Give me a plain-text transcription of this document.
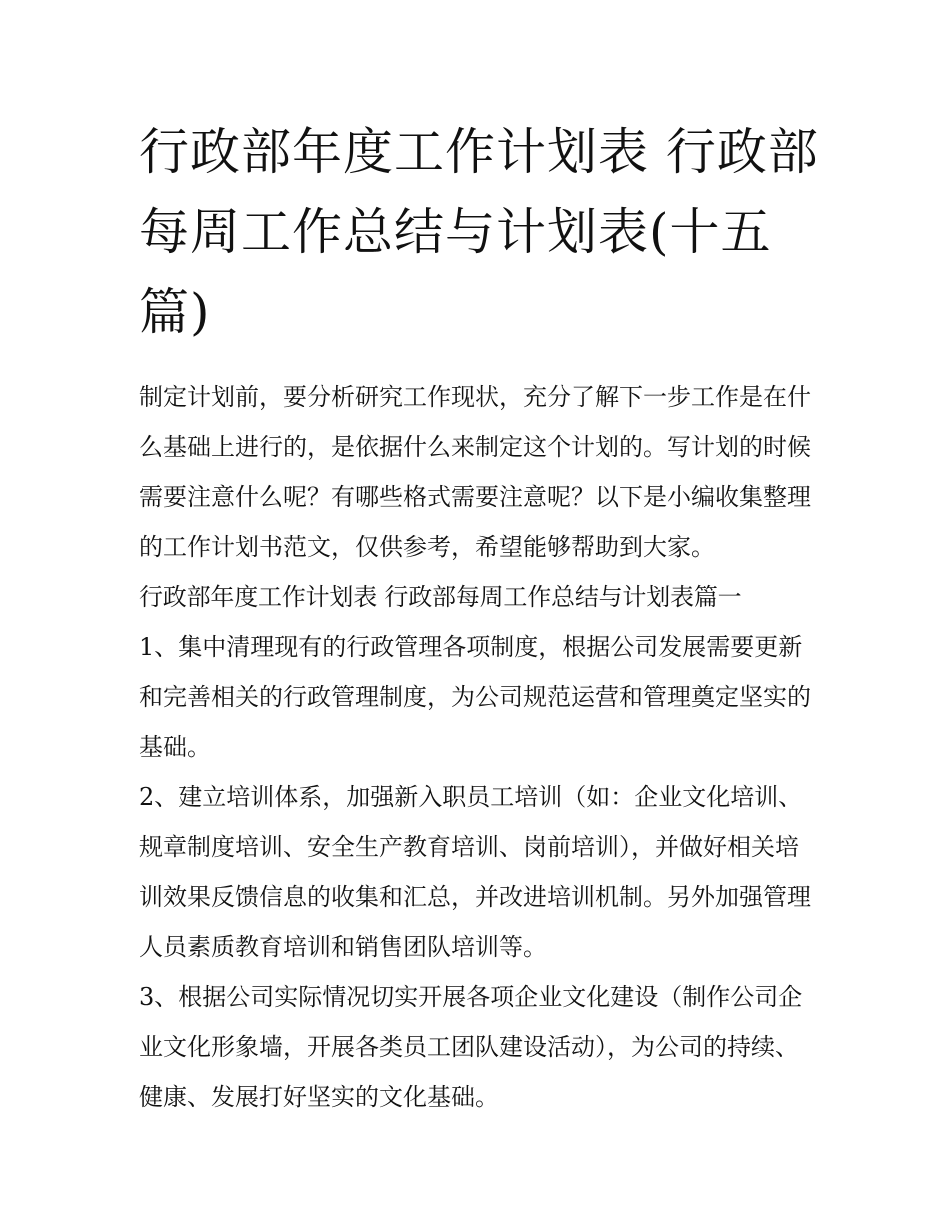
行政部年度工作计划表 行政部每周工作总结与计划表(十五篇)

制定计划前，要分析研究工作现状，充分了解下一步工作是在什么基础上进行的，是依据什么来制定这个计划的。写计划的时候需要注意什么呢？有哪些格式需要注意呢？以下是小编收集整理的工作计划书范文，仅供参考，希望能够帮助到大家。

行政部年度工作计划表 行政部每周工作总结与计划表篇一

1、集中清理现有的行政管理各项制度，根据公司发展需要更新和完善相关的行政管理制度，为公司规范运营和管理奠定坚实的基础。

2、建立培训体系，加强新入职员工培训（如：企业文化培训、规章制度培训、安全生产教育培训、岗前培训），并做好相关培训效果反馈信息的收集和汇总，并改进培训机制。另外加强管理人员素质教育培训和销售团队培训等。

3、根据公司实际情况切实开展各项企业文化建设（制作公司企业文化形象墙，开展各类员工团队建设活动），为公司的持续、健康、发展打好坚实的文化基础。
